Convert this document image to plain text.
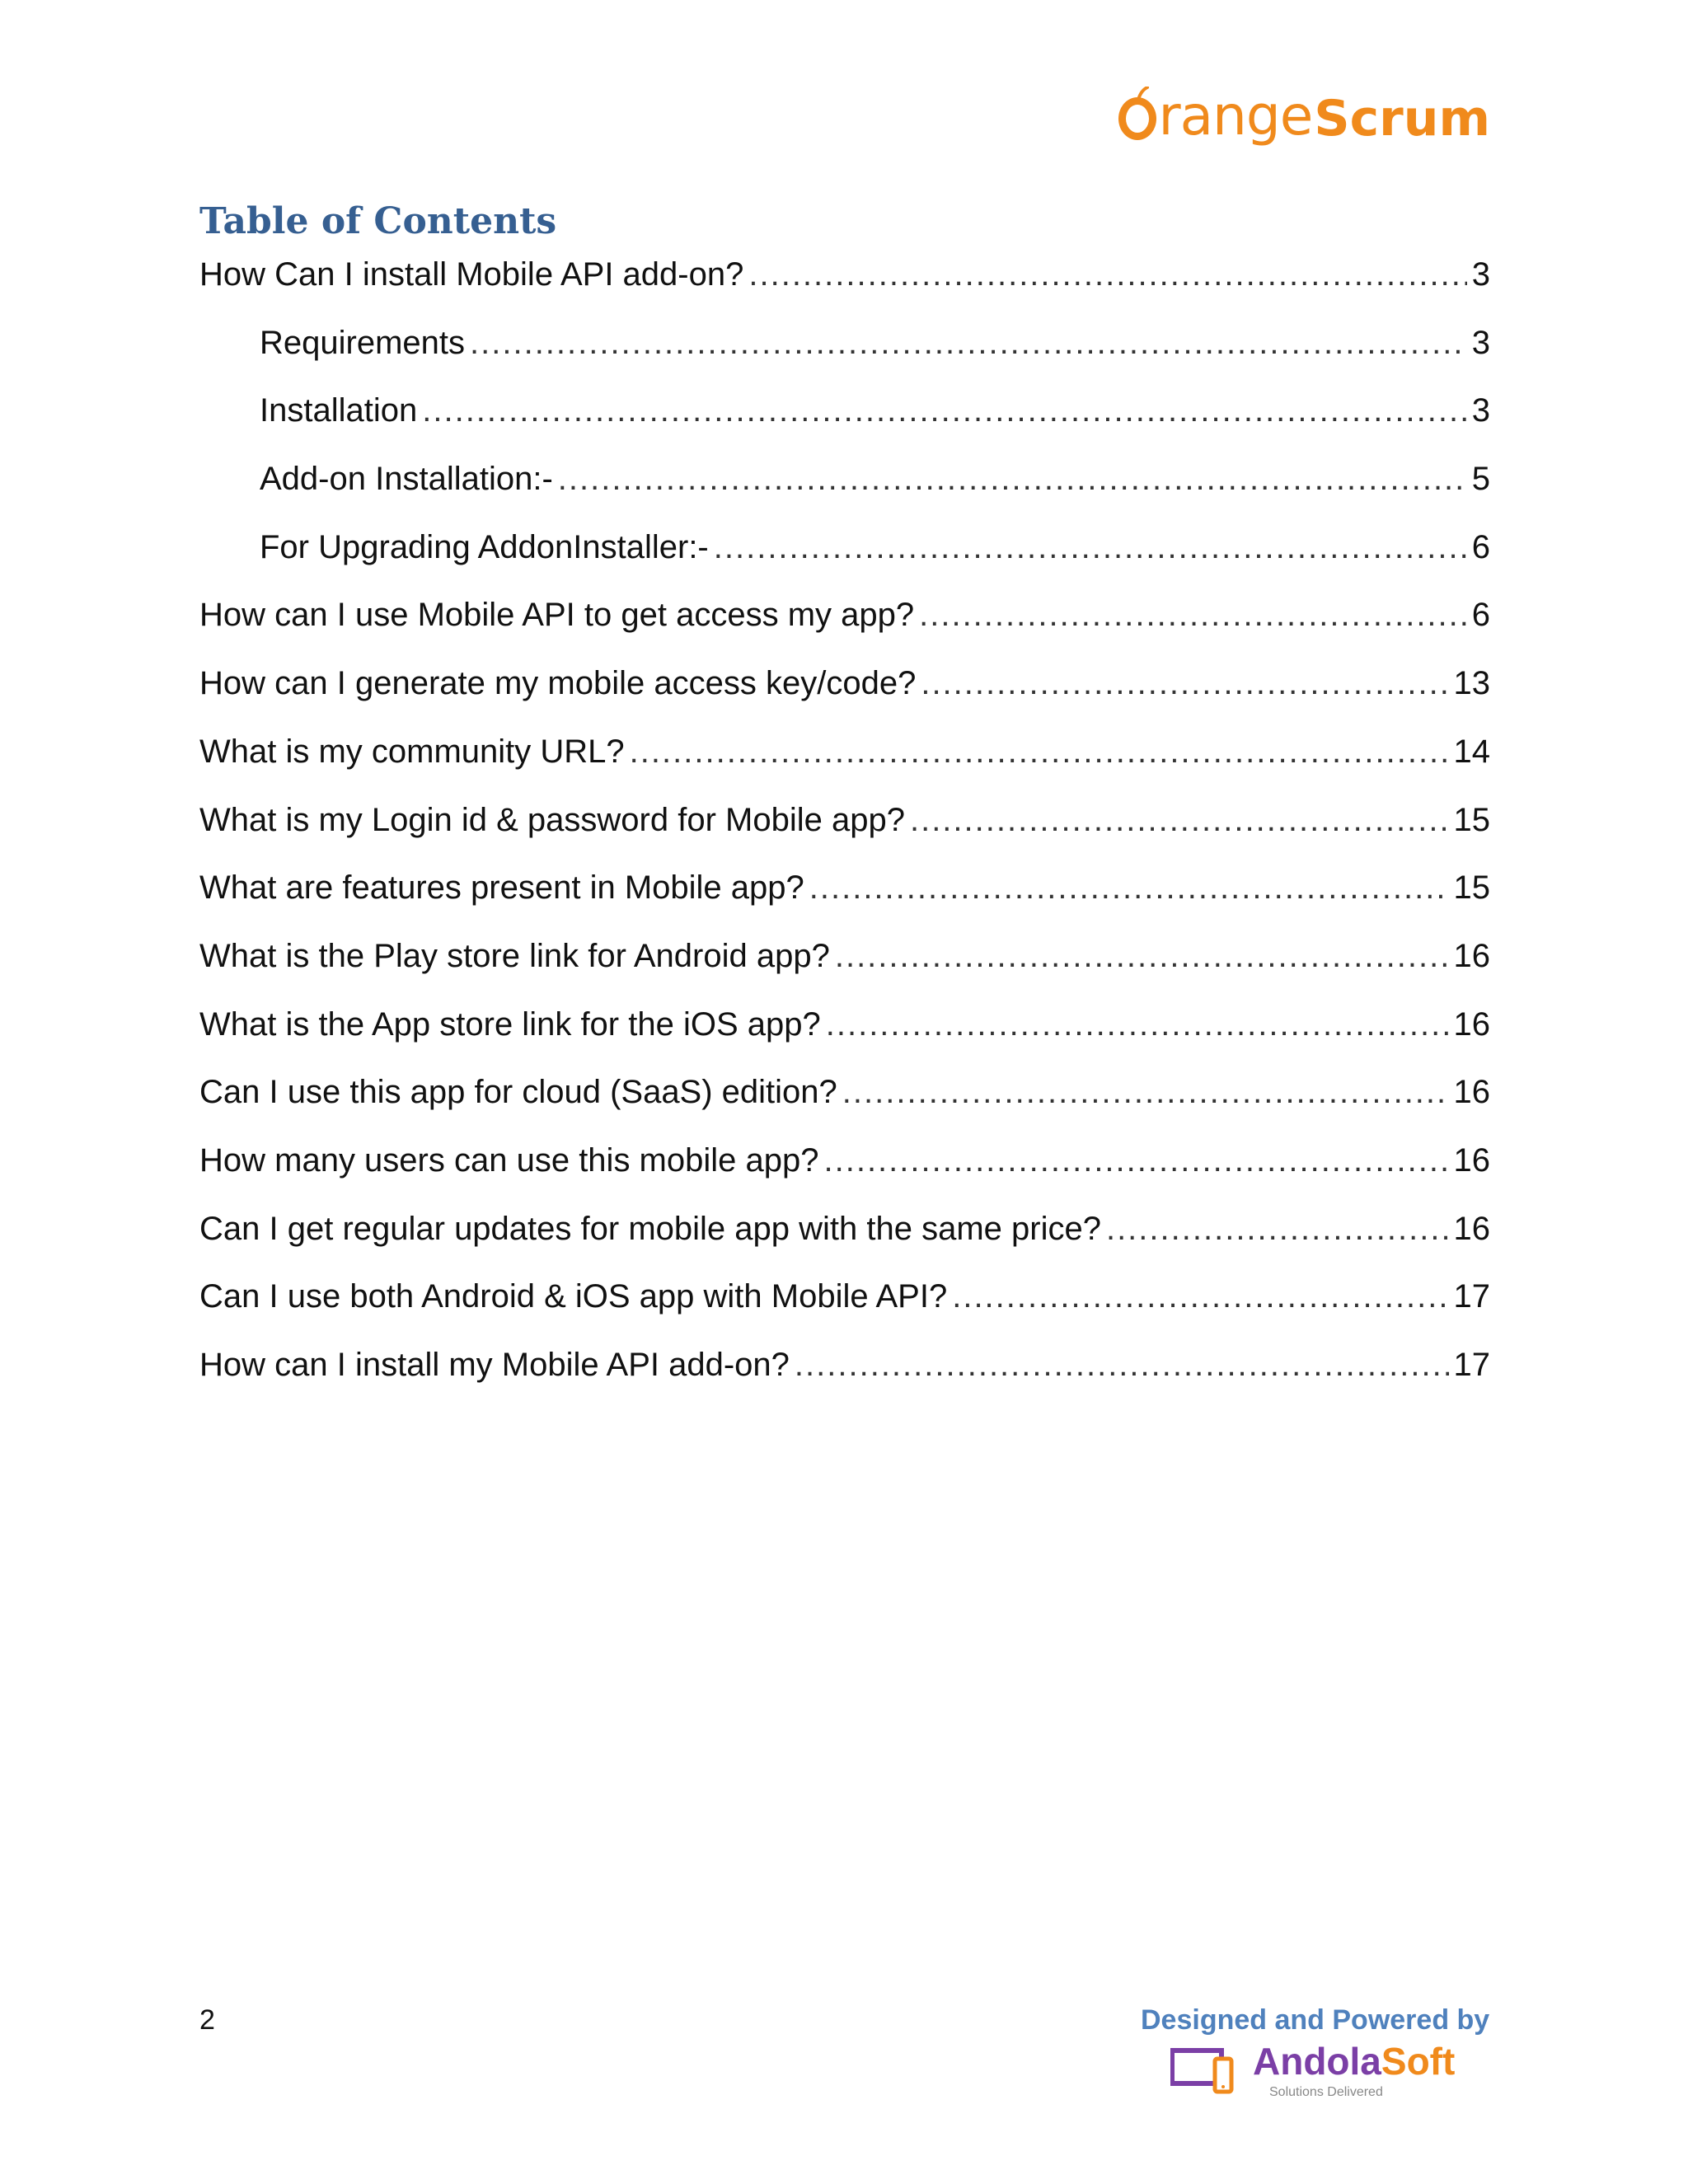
range Scrum
Table of Contents
How Can I install Mobile API add-on? .....	3
Requirements .....	3
Installation .....	3
Add-on Installation:- .....	5
For Upgrading AddonInstaller:- .....	6
How can I use Mobile API to get access my app? .....	6
How can I generate my mobile access key/code? .....	13
What is my community URL? .....	14
What is my Login id & password for Mobile app? .....	15
What are features present in Mobile app? .....	15
What is the Play store link for Android app? .....	16
What is the App store link for the iOS app? .....	16
Can I use this app for cloud (SaaS) edition? .....	16
How many users can use this mobile app? .....	16
Can I get regular updates for mobile app with the same price? .....	16
Can I use both Android & iOS app with Mobile API? .....	17
How can I install my Mobile API add-on? .....	17
2	Designed and Powered by
AndolaSoft
Solutions Delivered
